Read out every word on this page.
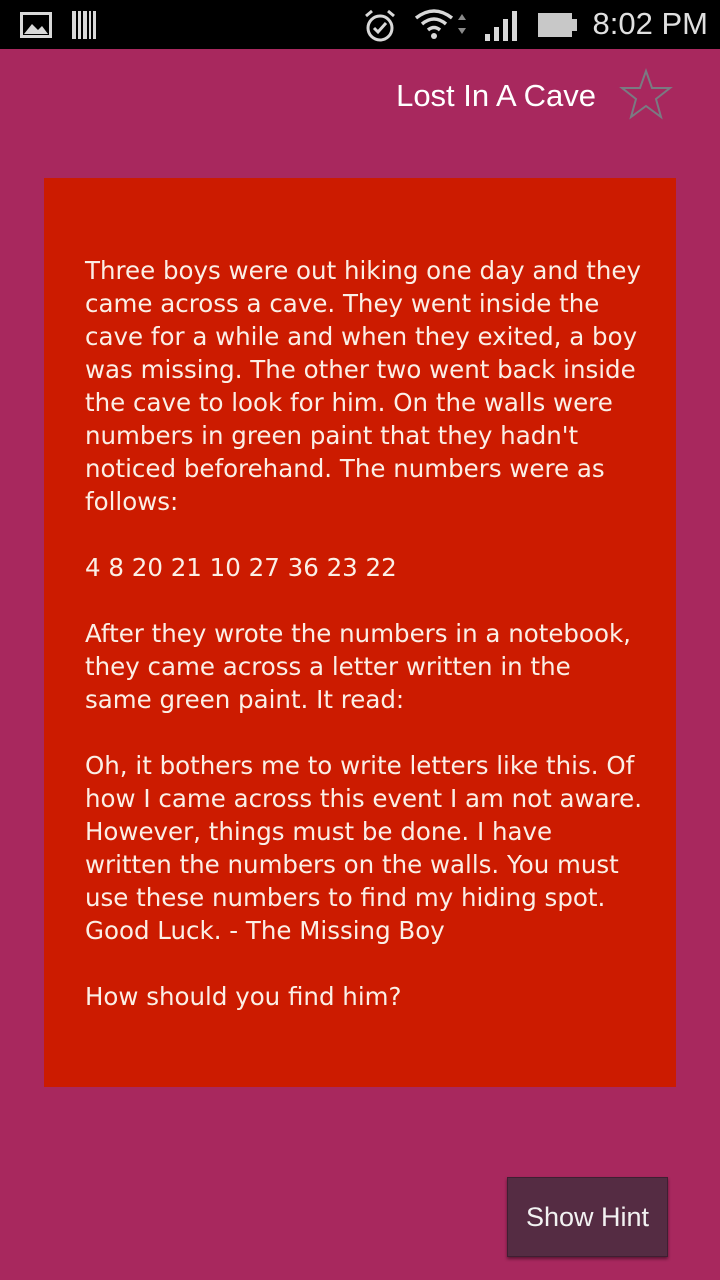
8:02 PM
Lost In A Cave

Three boys were out hiking one day and they came across a cave. They went inside the cave for a while and when they exited, a boy was missing. The other two went back inside the cave to look for him. On the walls were numbers in green paint that they hadn't noticed beforehand. The numbers were as follows:

4 8 20 21 10 27 36 23 22

After they wrote the numbers in a notebook, they came across a letter written in the same green paint. It read:

Oh, it bothers me to write letters like this. Of how I came across this event I am not aware. However, things must be done. I have written the numbers on the walls. You must use these numbers to find my hiding spot. Good Luck. - The Missing Boy

How should you find him?

Show Hint
